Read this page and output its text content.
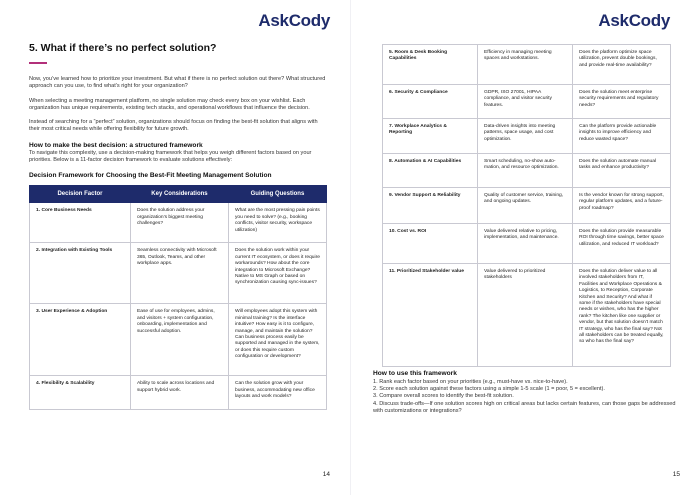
AskCody
5. What if there’s no perfect solution?

Now, you’ve learned how to prioritize your investment. But what if there is no perfect solution out there? What structured approach can you use, to find what’s right for your organization?

When selecting a meeting management platform, no single solution may check every box on your wishlist. Each organization has unique requirements, existing tech stacks, and operational workflows that influence the decision.

Instead of searching for a “perfect” solution, organizations should focus on finding the best-fit solution that aligns with their most critical needs while offering flexibility for future growth.

How to make the best decision: a structured framework

To navigate this complexity, use a decision-making framework that helps you weigh different factors based on your priorities. Below is a 11-factor decision framework to evaluate solutions effectively:

Decision Framework for Choosing the Best-Fit Meeting Management Solution
Decision Factor	Key Considerations	Guiding Questions
1. Core Business Needs	Does the solution address your organization’s biggest meeting challenges?	What are the most pressing pain points you need to solve? (e.g., booking conflicts, visitor security, workspace utilization)
2. Integration with Existing Tools	Seamless connectivity with Microsoft 365, Outlook, Teams, and other workplace apps.	Does the solution work within your current IT ecosystem, or does it require workarounds? How about the core integration to Microsoft Exchange? Native to MS Graph or based on synchronization causing sync-issues?
3. User Experience & Adoption	Ease of use for employees, admins, and visitors + system configuration, onboarding, implementation and successful adoption.	Will employees adopt this system with minimal training? Is the interface intuitive? How easy is it to configure, manage, and maintain the solution? Can business process easily be supported and managed in the system, or does this require custom configuration or development?
4. Flexibility & Scalability	Ability to scale across locations and support hybrid work.	Can the solution grow with your business, accommodating new office layouts and work models?
14
AskCody
5. Room & Desk Booking Capabilities	Efficiency in managing meeting spaces and workstations.	Does the platform optimize space utilization, prevent double bookings, and provide real-time availability?
6. Security & Compliance	GDPR, ISO 27001, HIPAA compliance, and visitor security features.	Does the solution meet enterprise security requirements and regulatory needs?
7. Workplace Analytics & Reporting	Data-driven insights into meeting patterns, space usage, and cost optimization.	Can the platform provide actionable insights to improve efficiency and reduce wasted space?
8. Automation & AI Capabilities	Smart scheduling, no-show automation, and resource optimization.	Does the solution automate manual tasks and enhance productivity?
9. Vendor Support & Reliability	Quality of customer service, training, and ongoing updates.	Is the vendor known for strong support, regular platform updates, and a future-proof roadmap?
10. Cost vs. ROI	Value delivered relative to pricing, implementation, and maintenance.	Does the solution provide measurable ROI through time savings, better space utilization, and reduced IT workload?
11. Prioritized Stakeholder value	Value delivered to prioritized stakeholders	Does the solution deliver value to all involved stakeholders from IT, Facilities and Workplace Operations & Logistics, to Reception, Corporate Kitchen and Security? And what if some if the stakeholders have special needs or wishes, who has the higher rank? The kitchen like one supplier or vendor, but that solution doesn’t match IT strategy, who has the final say? Not all stakeholders can be treated equally, so who has the final say?
How to use this framework
1. Rank each factor based on your priorities (e.g., must-have vs. nice-to-have).
2. Score each solution against these factors using a simple 1-5 scale (1 = poor, 5 = excellent).
3. Compare overall scores to identify the best-fit solution.
4. Discuss trade-offs—If one solution scores high on critical areas but lacks certain features, can those gaps be addressed with customizations or integrations?
15
